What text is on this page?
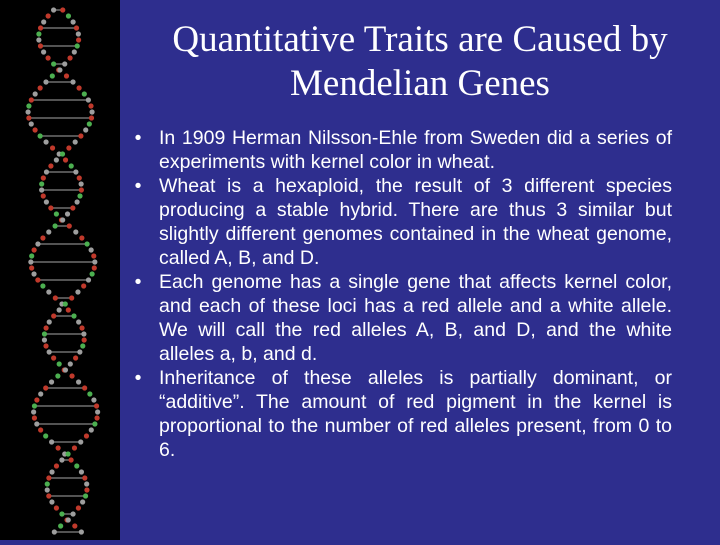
Quantitative Traits are Caused by
Mendelian Genes
• In 1909 Herman Nilsson-Ehle from Sweden did a series of experiments with kernel color in wheat.
• Wheat is a hexaploid, the result of 3 different species producing a stable hybrid. There are thus 3 similar but slightly different genomes contained in the wheat genome, called A, B, and D.
• Each genome has a single gene that affects kernel color, and each of these loci has a red allele and a white allele. We will call the red alleles A, B, and D, and the white alleles a, b, and d.
• Inheritance of these alleles is partially dominant, or “additive”. The amount of red pigment in the kernel is proportional to the number of red alleles present, from 0 to 6.
